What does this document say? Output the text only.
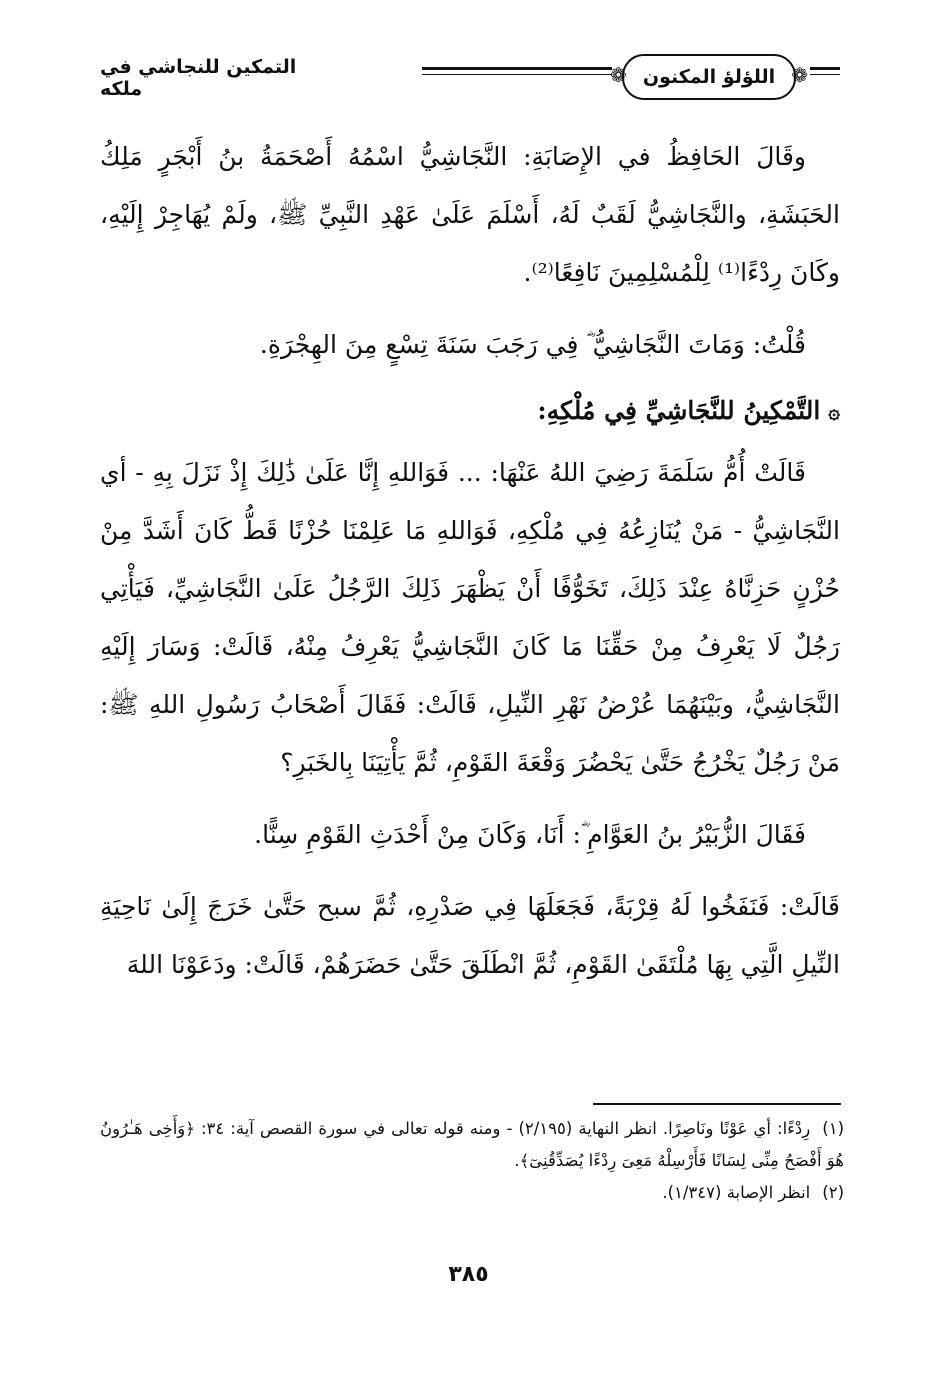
❁
اللؤلؤ المكنون
❁
التمكين للنجاشي في ملكه

وقَالَ الحَافِظُ في الإِصَابَةِ: النَّجَاشِيُّ اسْمُهُ أَصْحَمَةُ بنُ أَبْجَرٍ مَلِكُ الحَبَشَةِ، والنَّجَاشِيُّ لَقَبٌ لَهُ، أَسْلَمَ عَلَىٰ عَهْدِ النَّبِيِّ ﷺ، ولَمْ يُهَاجِرْ إِلَيْهِ، وكَانَ رِدْءًا⁽¹⁾ لِلْمُسْلِمِينَ نَافِعًا⁽²⁾.

قُلْتُ: وَمَاتَ النَّجَاشِيُّ ؓ فِي رَجَبَ سَنَةَ تِسْعٍ مِنَ الهِجْرَةِ.

۞
التَّمْكِينُ للنَّجَاشِيِّ فِي مُلْكِهِ:

قَالَتْ أُمُّ سَلَمَةَ رَضِيَ اللهُ عَنْهَا: ... فَوَاللهِ إِنَّا عَلَىٰ ذَٰلِكَ إِذْ نَزَلَ بِهِ - أي النَّجَاشِيُّ - مَنْ يُنَازِعُهُ فِي مُلْكِهِ، فَوَاللهِ مَا عَلِمْنَا حُزْنًا قَطُّ كَانَ أَشَدَّ مِنْ حُزْنٍ حَزِنَّاهُ عِنْدَ ذَلِكَ، تَخَوُّفًا أَنْ يَظْهَرَ ذَلِكَ الرَّجُلُ عَلَىٰ النَّجَاشِيِّ، فَيَأْتِي رَجُلٌ لَا يَعْرِفُ مِنْ حَقِّنَا مَا كَانَ النَّجَاشِيُّ يَعْرِفُ مِنْهُ، قَالَتْ: وَسَارَ إِلَيْهِ النَّجَاشِيُّ، وبَيْنَهُمَا عُرْضُ نَهْرِ النِّيلِ، قَالَتْ: فَقَالَ أَصْحَابُ رَسُولِ اللهِ ﷺ: مَنْ رَجُلٌ يَخْرُجُ حَتَّىٰ يَحْضُرَ وَقْعَةَ القَوْمِ، ثُمَّ يَأْتِيَنَا بِالخَبَرِ؟

فَقَالَ الزُّبَيْرُ بنُ العَوَّامِ ؓ: أَنَا، وَكَانَ مِنْ أَحْدَثِ القَوْمِ سِنًّا.

قَالَتْ: فَنَفَخُوا لَهُ قِرْبَةً، فَجَعَلَهَا فِي صَدْرِهِ، ثُمَّ سبح حَتَّىٰ خَرَجَ إِلَىٰ نَاحِيَةِ النِّيلِ الَّتِي بِهَا مُلْتَقَىٰ القَوْمِ، ثُمَّ انْطَلَقَ حَتَّىٰ حَضَرَهُمْ، قَالَتْ: ودَعَوْنَا اللهَ

(١)رِدْءًا: أي عَوْنًا ونَاصِرًا. انظر النهاية (٢/١٩٥) - ومنه قوله تعالى في سورة القصص آية: ٣٤: ﴿وَأَخِى هَـٰرُونُ هُوَ أَفْصَحُ مِنِّى لِسَانًا فَأَرْسِلْهُ مَعِىَ رِدْءًا يُصَدِّقُنِىٓ﴾.

(٢)انظر الإصابة (١/٣٤٧).

٣٨٥
